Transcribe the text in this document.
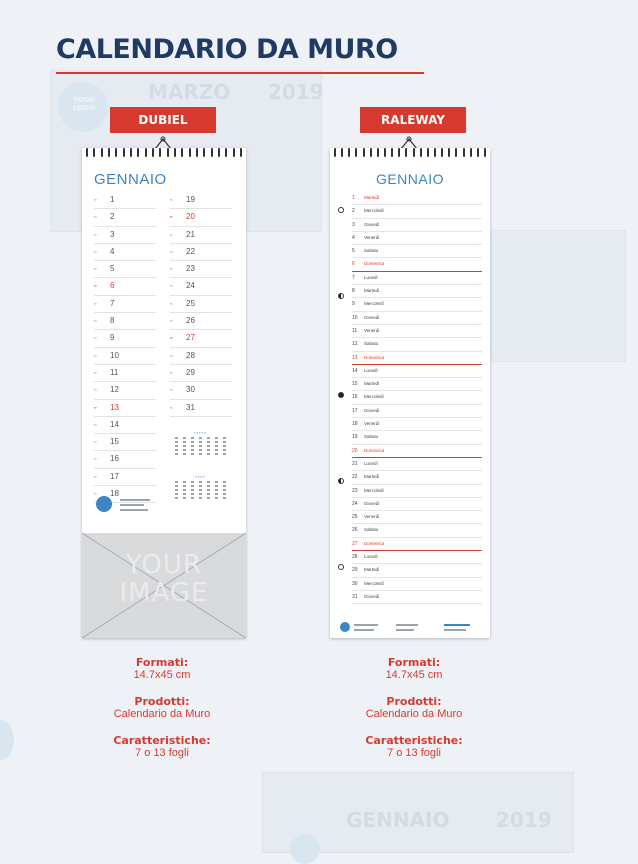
YOUR LOGO
MARZO 2019
GENNAIO 2019
CALENDARIO DA MURO
DUBIEL	RALEWAY
GENNAIO
▪▪ 1
▪▪ 2
▪▪ 3
▪▪ 4
▪▪ 5
▪▪ 6
▪▪ 7
▪▪ 8
▪▪ 9
▪▪ 10
▪▪ 11
▪▪ 12
▪▪ 13
▪▪ 14
▪▪ 15
▪▪ 16
▪▪ 17
▪▪ 18
▪▪ 19
▪▪ 20
▪▪ 21
▪▪ 22
▪▪ 23
▪▪ 24
▪▪ 25
▪▪ 26
▪▪ 27
▪▪ 28
▪▪ 29
▪▪ 30
▪▪ 31
▪ ▪ ▪ ▪ ▪
▪ ▪ ▪ ▪
YOUR IMAGE
GENNAIO
1 Martedì
2 Mercoledì
3 Giovedì
4 Venerdì
5 Sabato
6 Domenica
7 Lunedì
8 Martedì
9 Mercoledì
10 Giovedì
11 Venerdì
12 Sabato
13 Domenica
14 Lunedì
15 Martedì
16 Mercoledì
17 Giovedì
18 Venerdì
19 Sabato
20 Domenica
21 Lunedì
22 Martedì
23 Mercoledì
24 Giovedì
25 Venerdì
26 Sabato
27 Domenica
28 Lunedì
29 Martedì
30 Mercoledì
31 Giovedì
Formati:
14.7x45 cm
Prodotti:
Calendario da Muro
Caratteristiche:
7 o 13 fogli
Formati:
14.7x45 cm
Prodotti:
Calendario da Muro
Caratteristiche:
7 o 13 fogli
